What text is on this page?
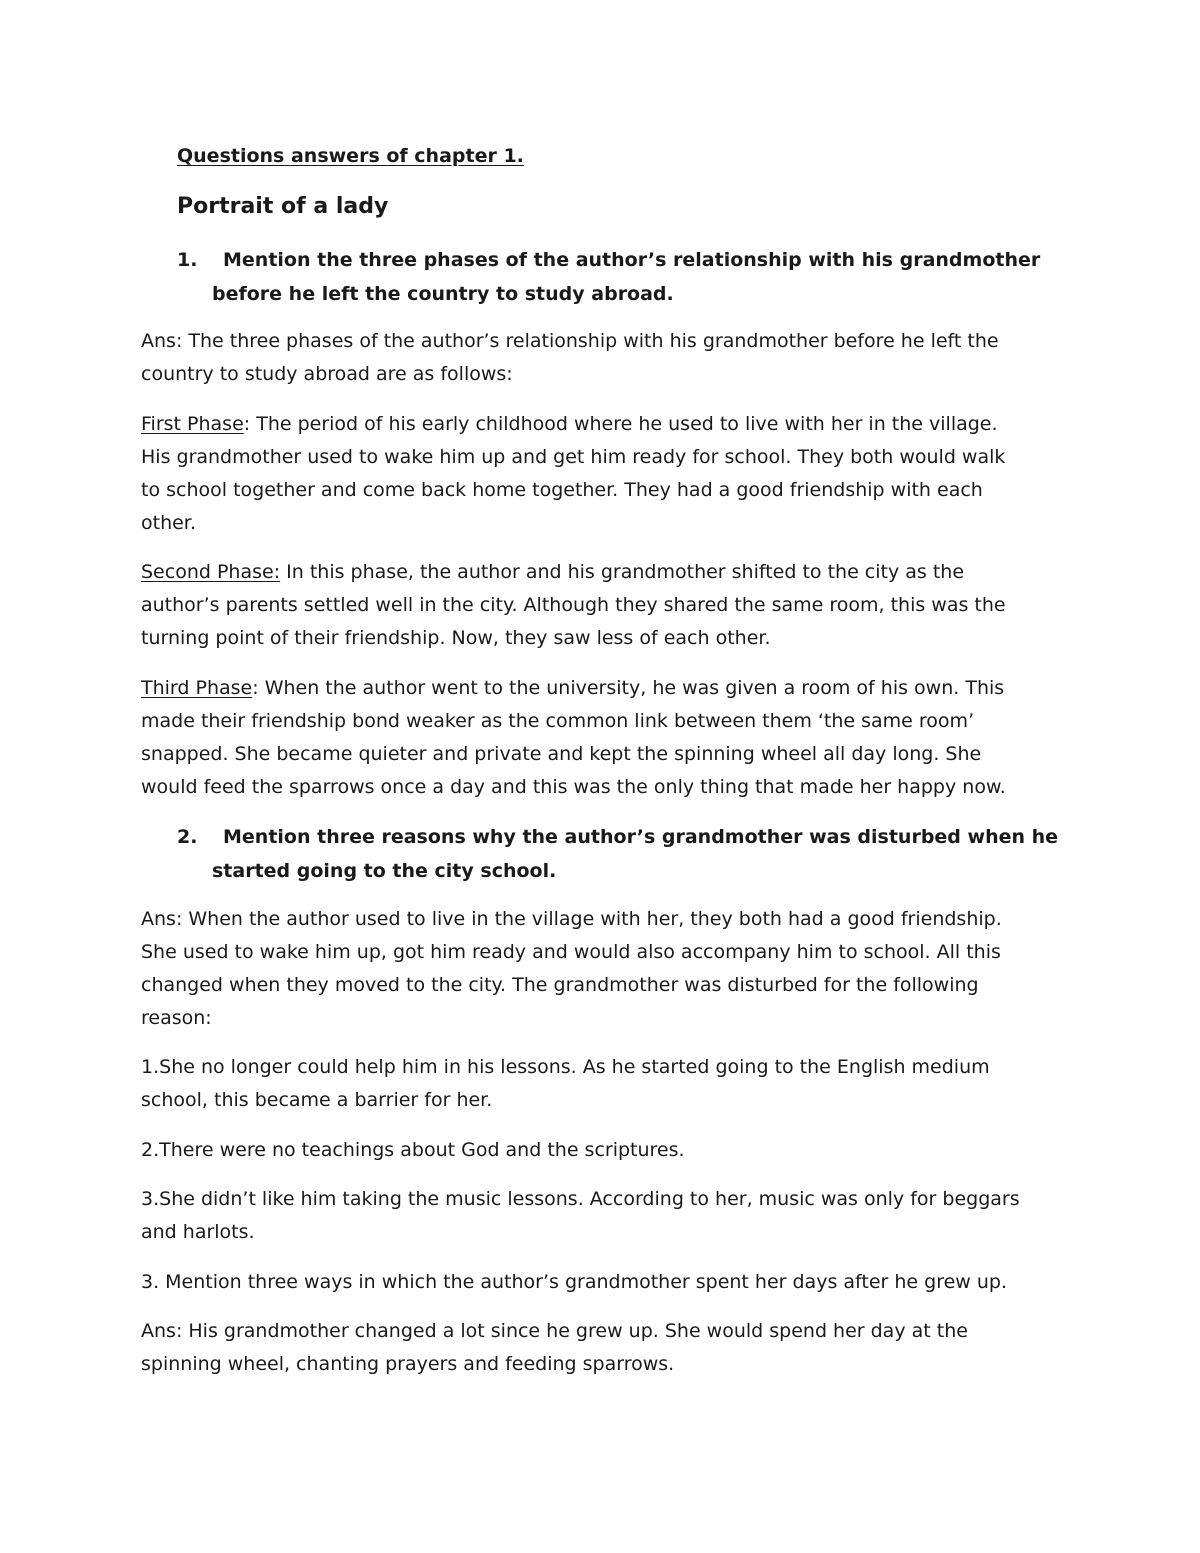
Questions answers of chapter 1.
Portrait of a lady
1. Mention the three phases of the author’s relationship with his grandmother
before he left the country to study abroad.
Ans: The three phases of the author’s relationship with his grandmother before he left the
country to study abroad are as follows:
First Phase: The period of his early childhood where he used to live with her in the village.
His grandmother used to wake him up and get him ready for school. They both would walk
to school together and come back home together. They had a good friendship with each
other.
Second Phase: In this phase, the author and his grandmother shifted to the city as the
author’s parents settled well in the city. Although they shared the same room, this was the
turning point of their friendship. Now, they saw less of each other.
Third Phase: When the author went to the university, he was given a room of his own. This
made their friendship bond weaker as the common link between them ‘the same room’
snapped. She became quieter and private and kept the spinning wheel all day long. She
would feed the sparrows once a day and this was the only thing that made her happy now.
2. Mention three reasons why the author’s grandmother was disturbed when he
started going to the city school.
Ans: When the author used to live in the village with her, they both had a good friendship.
She used to wake him up, got him ready and would also accompany him to school. All this
changed when they moved to the city. The grandmother was disturbed for the following
reason:
1.She no longer could help him in his lessons. As he started going to the English medium
school, this became a barrier for her.
2.There were no teachings about God and the scriptures.
3.She didn’t like him taking the music lessons. According to her, music was only for beggars
and harlots.
3. Mention three ways in which the author’s grandmother spent her days after he grew up.
Ans: His grandmother changed a lot since he grew up. She would spend her day at the
spinning wheel, chanting prayers and feeding sparrows.
